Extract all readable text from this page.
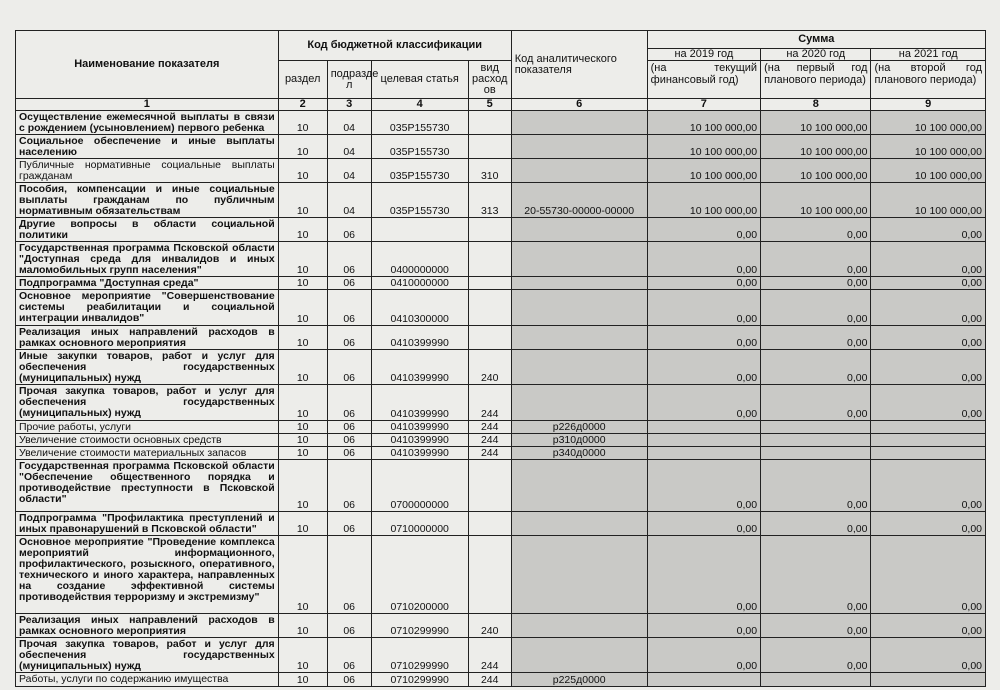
Наименование показателя	Код бюджетной классификации				Код аналитического показателя	Сумма		
						на 2019 год	на 2020 год	на 2021 год
	раздел	подразде л	целевая статья	вид расход ов		(на текущий финансовый год)	(на первый год планового периода)	(на второй год планового периода)
1	2	3	4	5	6	7	8	9
Осуществление ежемесячной выплаты в связи с рождением (усыновлением) первого ребенка	10	04	035Р155730			10 100 000,00	10 100 000,00	10 100 000,00
Социальное обеспечение и иные выплаты населению	10	04	035Р155730			10 100 000,00	10 100 000,00	10 100 000,00
Публичные нормативные социальные выплаты гражданам	10	04	035Р155730	310		10 100 000,00	10 100 000,00	10 100 000,00
Пособия, компенсации и иные социальные выплаты гражданам по публичным нормативным обязательствам	10	04	035Р155730	313	20-55730-00000-00000	10 100 000,00	10 100 000,00	10 100 000,00
Другие вопросы в области социальной политики	10	06				0,00	0,00	0,00
Государственная программа Псковской области "Доступная среда для инвалидов и иных маломобильных групп населения"	10	06	0400000000			0,00	0,00	0,00
Подпрограмма "Доступная среда"	10	06	0410000000			0,00	0,00	0,00
Основное мероприятие "Совершенствование системы реабилитации и социальной интеграции инвалидов"	10	06	0410300000			0,00	0,00	0,00
Реализация иных направлений расходов в рамках основного мероприятия	10	06	0410399990			0,00	0,00	0,00
Иные закупки товаров, работ и услуг для обеспечения государственных (муниципальных) нужд	10	06	0410399990	240		0,00	0,00	0,00
Прочая закупка товаров, работ и услуг для обеспечения государственных (муниципальных) нужд	10	06	0410399990	244		0,00	0,00	0,00
Прочие работы, услуги	10	06	0410399990	244	р226д0000			
Увеличение стоимости основных средств	10	06	0410399990	244	р310д0000			
Увеличение стоимости материальных запасов	10	06	0410399990	244	р340д0000			
Государственная программа Псковской области "Обеспечение общественного порядка и противодействие преступности в Псковской области"	10	06	0700000000			0,00	0,00	0,00
Подпрограмма "Профилактика преступлений и иных правонарушений в Псковской области"	10	06	0710000000			0,00	0,00	0,00
Основное мероприятие "Проведение комплекса мероприятий информационного, профилактического, розыскного, оперативного, технического и иного характера, направленных на создание эффективной системы противодействия терроризму и экстремизму"	10	06	0710200000			0,00	0,00	0,00
Реализация иных направлений расходов в рамках основного мероприятия	10	06	0710299990	240		0,00	0,00	0,00
Прочая закупка товаров, работ и услуг для обеспечения государственных (муниципальных) нужд	10	06	0710299990	244		0,00	0,00	0,00
Работы, услуги по содержанию имущества	10	06	0710299990	244	р225д0000			
